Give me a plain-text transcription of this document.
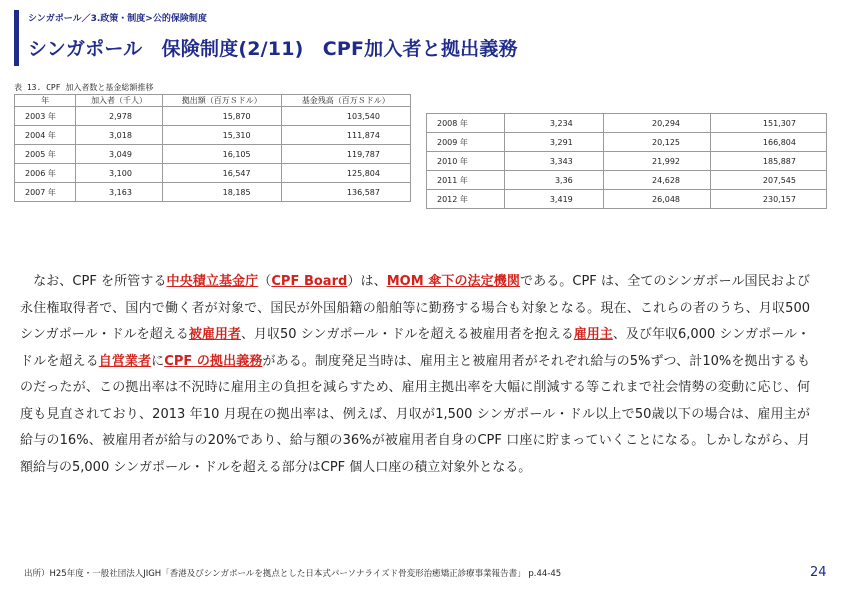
シンガポール／3.政策・制度>公的保険制度
シンガポール　保険制度(2/11)　CPF加入者と拠出義務
表 13. CPF 加入者数と基金総額推移
年	加入者（千人）	拠出額（百万Ｓドル）	基金残高（百万Ｓドル）
2003 年	2,978	15,870	103,540
2004 年	3,018	15,310	111,874
2005 年	3,049	16,105	119,787
2006 年	3,100	16,547	125,804
2007 年	3,163	18,185	136,587
2008 年	3,234	20,294	151,307
2009 年	3,291	20,125	166,804
2010 年	3,343	21,992	185,887
2011 年	3,36	24,628	207,545
2012 年	3,419	26,048	230,157
　なお、CPF を所管する中央積立基金庁（CPF Board）は、MOM 傘下の法定機関である。CPF は、全てのシンガポール国民および永住権取得者で、国内で働く者が対象で、国民が外国船籍の船舶等に勤務する場合も対象となる。現在、これらの者のうち、月収500 シンガポール・ドルを超える被雇用者、月収50 シンガポール・ドルを超える被雇用者を抱える雇用主、及び年収6,000 シンガポール・ドルを超える自営業者にCPF の拠出義務がある。制度発足当時は、雇用主と被雇用者がそれぞれ給与の5%ずつ、計10%を拠出するものだったが、この拠出率は不況時に雇用主の負担を減らすため、雇用主拠出率を大幅に削減する等これまで社会情勢の変動に応じ、何度も見直されており、2013 年10 月現在の拠出率は、例えば、月収が1,500 シンガポール・ドル以上で50歳以下の場合は、雇用主が給与の16%、被雇用者が給与の20%であり、給与額の36%が被雇用者自身のCPF 口座に貯まっていくことになる。しかしながら、月額給与の5,000 シンガポール・ドルを超える部分はCPF 個人口座の積立対象外となる。
出所）H25年度・一般社団法人JIGH「香港及びシンガポールを拠点とした日本式パーソナライズド骨変形治癒矯正診療事業報告書」 p.44-45	24
